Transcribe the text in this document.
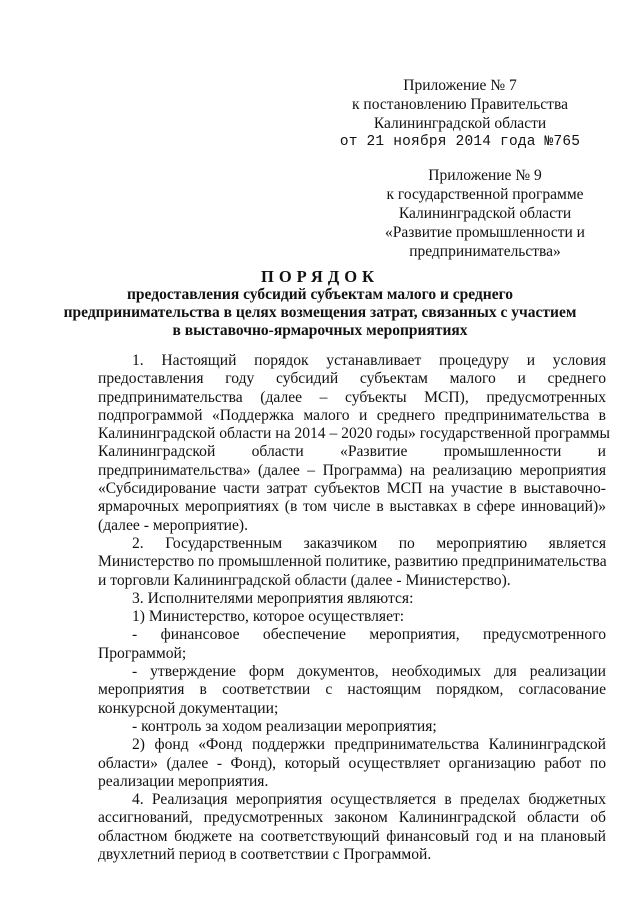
Приложение № 7
к постановлению Правительства
Калининградской области
от 21 ноября 2014 года №765
Приложение № 9
к государственной программе
Калининградской области
«Развитие промышленности и
предпринимательства»
ПОРЯДОК
предоставления субсидий субъектам малого и среднего
предпринимательства в целях возмещения затрат, связанных с участием
в выставочно-ярмарочных мероприятиях
1. Настоящий порядок устанавливает процедуру и условия
предоставления году субсидий субъектам малого и среднего
предпринимательства (далее – субъекты МСП), предусмотренных
подпрограммой «Поддержка малого и среднего предпринимательства в
Калининградской области на 2014 – 2020 годы» государственной программы
Калининградской области «Развитие промышленности и
предпринимательства» (далее – Программа) на реализацию мероприятия
«Субсидирование части затрат субъектов МСП на участие в выставочно-
ярмарочных мероприятиях (в том числе в выставках в сфере инноваций)»
(далее - мероприятие).
2. Государственным заказчиком по мероприятию является
Министерство по промышленной политике, развитию предпринимательства
и торговли Калининградской области (далее - Министерство).
3. Исполнителями мероприятия являются:
1) Министерство, которое осуществляет:
- финансовое обеспечение мероприятия, предусмотренного
Программой;
- утверждение форм документов, необходимых для реализации
мероприятия в соответствии с настоящим порядком, согласование
конкурсной документации;
- контроль за ходом реализации мероприятия;
2) фонд «Фонд поддержки предпринимательства Калининградской
области» (далее - Фонд), который осуществляет организацию работ по
реализации мероприятия.
4. Реализация мероприятия осуществляется в пределах бюджетных
ассигнований, предусмотренных законом Калининградской области об
областном бюджете на соответствующий финансовый год и на плановый
двухлетний период в соответствии с Программой.
